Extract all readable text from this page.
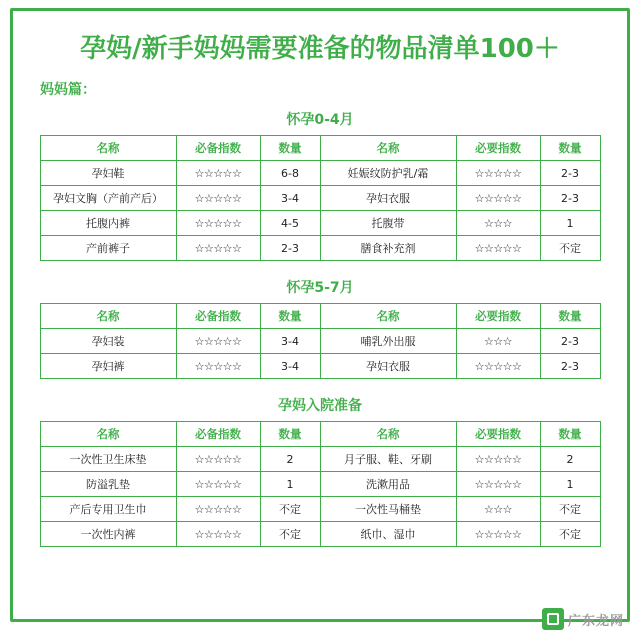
孕妈/新手妈妈需要准备的物品清单100＋
妈妈篇：
怀孕0-4月
名称	必备指数	数量	名称	必要指数	数量
孕妇鞋	☆☆☆☆☆	6-8	妊娠纹防护乳/霜	☆☆☆☆☆	2-3
孕妇文胸（产前产后）	☆☆☆☆☆	3-4	孕妇衣服	☆☆☆☆☆	2-3
托腹内裤	☆☆☆☆☆	4-5	托腹带	☆☆☆	1
产前裤子	☆☆☆☆☆	2-3	膳食补充剂	☆☆☆☆☆	不定
怀孕5-7月
名称	必备指数	数量	名称	必要指数	数量
孕妇装	☆☆☆☆☆	3-4	哺乳外出服	☆☆☆	2-3
孕妇裤	☆☆☆☆☆	3-4	孕妇衣服	☆☆☆☆☆	2-3
孕妈入院准备
名称	必备指数	数量	名称	必要指数	数量
一次性卫生床垫	☆☆☆☆☆	2	月子服、鞋、牙刷	☆☆☆☆☆	2
防溢乳垫	☆☆☆☆☆	1	洗漱用品	☆☆☆☆☆	1
产后专用卫生巾	☆☆☆☆☆	不定	一次性马桶垫	☆☆☆	不定
一次性内裤	☆☆☆☆☆	不定	纸巾、湿巾	☆☆☆☆☆	不定
广东龙网
